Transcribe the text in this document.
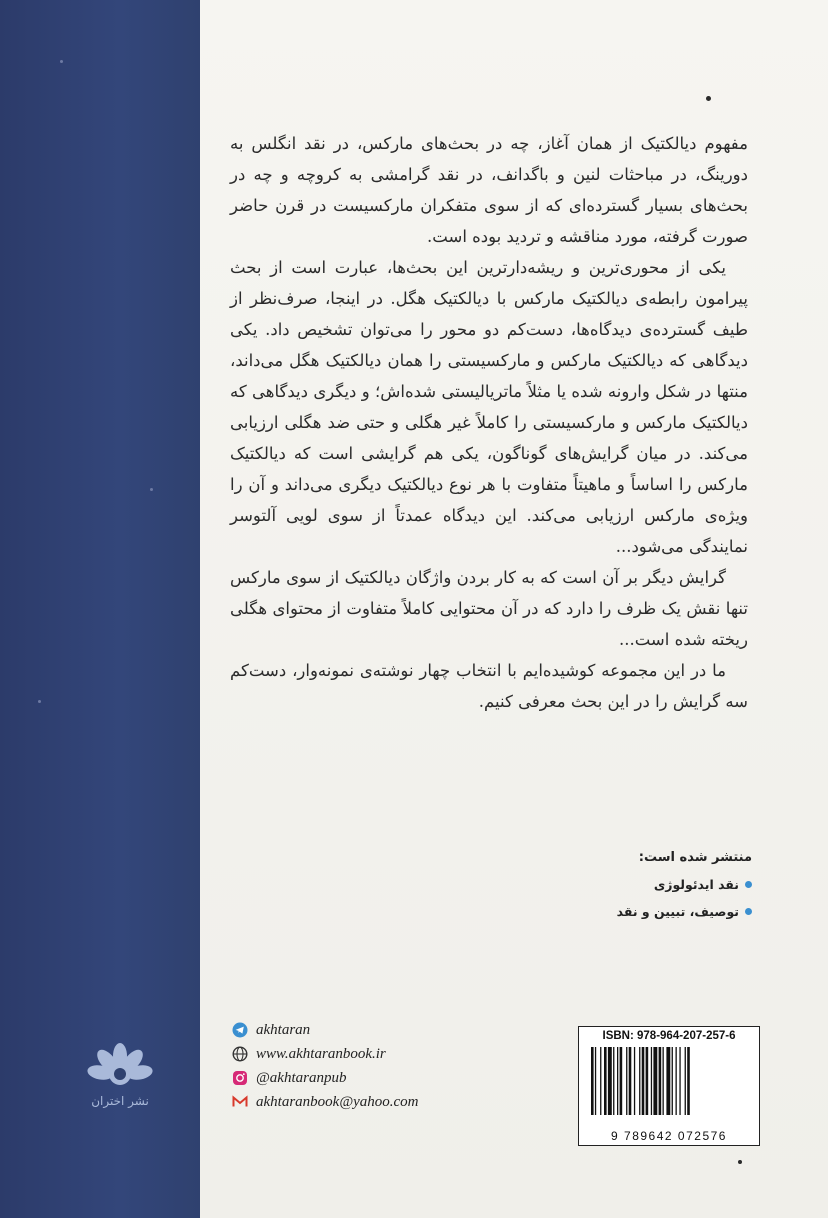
نشر اختران

مفهوم دیالکتیک از همان آغاز، چه در بحث‌های مارکس، در نقد انگلس به دورینگ، در مباحثات لنین و باگدانف، در نقد گرامشی به کروچه و چه در بحث‌های بسیار گسترده‌ای که از سوی متفکران مارکسیست در قرن حاضر صورت گرفته، مورد مناقشه و تردید بوده است.

یکی از محوری‌ترین و ریشه‌دارترین این بحث‌ها، عبارت است از بحث پیرامون رابطه‌ی دیالکتیک مارکس با دیالکتیک هگل. در اینجا، صرف‌نظر از طیف گسترده‌ی دیدگاه‌ها، دست‌کم دو محور را می‌توان تشخیص داد. یکی دیدگاهی که دیالکتیک مارکس و مارکسیستی را همان دیالکتیک هگل می‌داند، منتها در شکل وارونه شده یا مثلاً ماتریالیستی شده‌اش؛ و دیگری دیدگاهی که دیالکتیک مارکس و مارکسیستی را کاملاً غیر هگلی و حتی ضد هگلی ارزیابی می‌کند. در میان گرایش‌های گوناگون، یکی هم گرایشی است که دیالکتیک مارکس را اساساً و ماهیتاً متفاوت با هر نوع دیالکتیک دیگری می‌داند و آن را ویژه‌ی مارکس ارزیابی می‌کند. این دیدگاه عمدتاً از سوی لویی آلتوسر نمایندگی می‌شود...

گرایش دیگر بر آن است که به کار بردن واژگان دیالکتیک از سوی مارکس تنها نقش یک ظرف را دارد که در آن محتوایی کاملاً متفاوت از محتوای هگلی ریخته شده است...

ما در این مجموعه کوشیده‌ایم با انتخاب چهار نوشته‌ی نمونه‌وار، دست‌کم سه گرایش را در این بحث معرفی کنیم.

منتشر شده است:
نقد ایدئولوژی
توصیف، تبیین و نقد
akhtaran
www.akhtaranbook.ir
@akhtaranpub
akhtaranbook@yahoo.com
ISBN: 978-964-207-257-6
9 789642 072576
